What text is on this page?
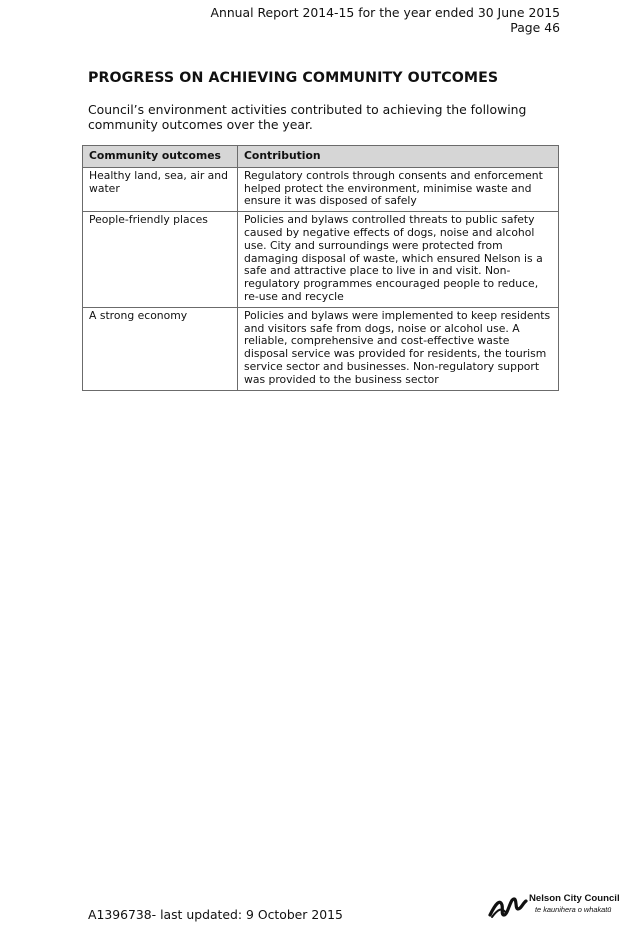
Annual Report 2014-15 for the year ended 30 June 2015
Page 46
PROGRESS ON ACHIEVING COMMUNITY OUTCOMES
Council’s environment activities contributed to achieving the following community outcomes over the year.
Community outcomes	Contribution
Healthy land, sea, air and water	Regulatory controls through consents and enforcement helped protect the environment, minimise waste and ensure it was disposed of safely
People-friendly places	Policies and bylaws controlled threats to public safety caused by negative effects of dogs, noise and alcohol use. City and surroundings were protected from damaging disposal of waste, which ensured Nelson is a safe and attractive place to live in and visit. Non-regulatory programmes encouraged people to reduce, re-use and recycle
A strong economy	Policies and bylaws were implemented to keep residents and visitors safe from dogs, noise or alcohol use. A reliable, comprehensive and cost-effective waste disposal service was provided for residents, the tourism service sector and businesses. Non-regulatory support was provided to the business sector
A1396738- last updated: 9 October 2015
Nelson City Council
te kaunihera o whakatū
